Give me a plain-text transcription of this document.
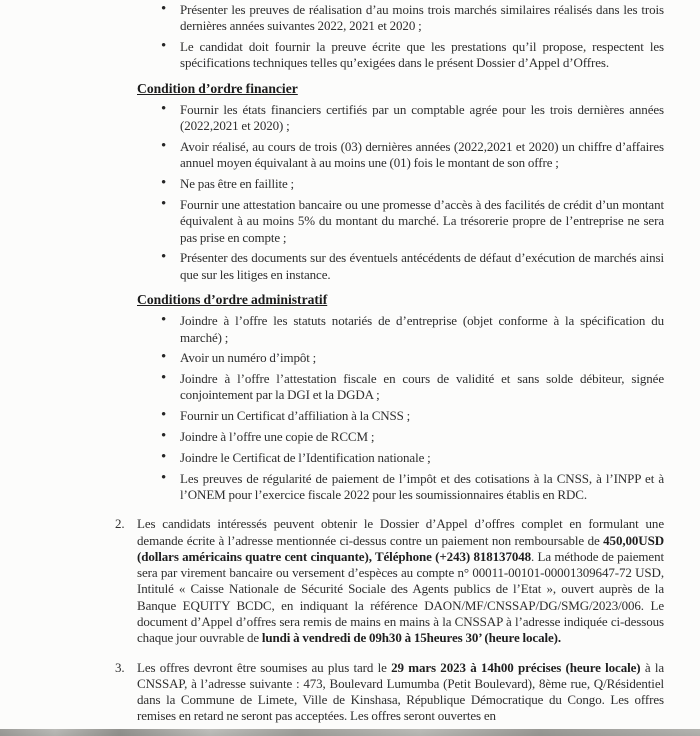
• Présenter les preuves de réalisation d’au moins trois marchés similaires réalisés dans les trois dernières années suivantes 2022, 2021 et 2020 ;
• Le candidat doit fournir la preuve écrite que les prestations qu’il propose, respectent les spécifications techniques telles qu’exigées dans le présent Dossier d’Appel d’Offres.
Condition d’ordre financier
• Fournir les états financiers certifiés par un comptable agrée pour les trois dernières années (2022,2021 et 2020) ;
• Avoir réalisé, au cours de trois (03) dernières années (2022,2021 et 2020) un chiffre d’affaires annuel moyen équivalant à au moins une (01) fois le montant de son offre ;
• Ne pas être en faillite ;
• Fournir une attestation bancaire ou une promesse d’accès à des facilités de crédit d’un montant équivalent à au moins 5% du montant du marché. La trésorerie propre de l’entreprise ne sera pas prise en compte ;
• Présenter des documents sur des éventuels antécédents de défaut d’exécution de marchés ainsi que sur les litiges en instance.
Conditions d’ordre administratif
• Joindre à l’offre les statuts notariés de d’entreprise (objet conforme à la spécification du marché) ;
• Avoir un numéro d’impôt ;
• Joindre à l’offre l’attestation fiscale en cours de validité et sans solde débiteur, signée conjointement par la DGI et la DGDA ;
• Fournir un Certificat d’affiliation à la CNSS ;
• Joindre à l’offre une copie de RCCM ;
• Joindre le Certificat de l’Identification nationale ;
• Les preuves de régularité de paiement de l’impôt et des cotisations à la CNSS, à l’INPP et à l’ONEM pour l’exercice fiscale 2022 pour les soumissionnaires établis en RDC.
2. Les candidats intéressés peuvent obtenir le Dossier d’Appel d’offres complet en formulant une demande écrite à l’adresse mentionnée ci-dessus contre un paiement non remboursable de 450,00USD (dollars américains quatre cent cinquante), Téléphone (+243) 818137048. La méthode de paiement sera par virement bancaire ou versement d’espèces au compte n° 00011-00101-00001309647-72 USD, Intitulé « Caisse Nationale de Sécurité Sociale des Agents publics de l’Etat », ouvert auprès de la Banque EQUITY BCDC, en indiquant la référence DAON/MF/CNSSAP/DG/SMG/2023/006. Le document d’Appel d’offres sera remis de mains en mains à la CNSSAP à l’adresse indiquée ci-dessous chaque jour ouvrable de lundi à vendredi de 09h30 à 15heures 30’ (heure locale).
3. Les offres devront être soumises au plus tard le 29 mars 2023 à 14h00 précises (heure locale) à la CNSSAP, à l’adresse suivante : 473, Boulevard Lumumba (Petit Boulevard), 8ème rue, Q/Résidentiel dans la Commune de Limete, Ville de Kinshasa, République Démocratique du Congo. Les offres remises en retard ne seront pas acceptées. Les offres seront ouvertes en
